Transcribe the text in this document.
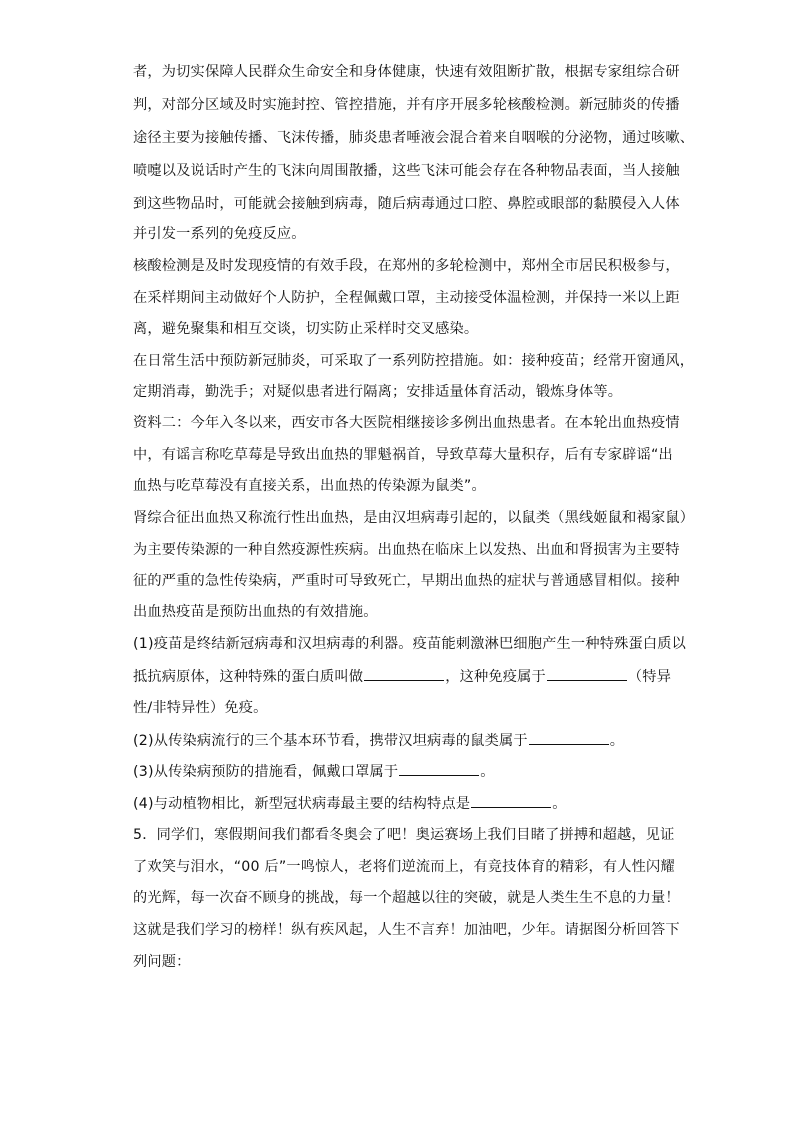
者，为切实保障人民群众生命安全和身体健康，快速有效阻断扩散，根据专家组综合研
判，对部分区域及时实施封控、管控措施，并有序开展多轮核酸检测。新冠肺炎的传播
途径主要为接触传播、飞沫传播，肺炎患者唾液会混合着来自咽喉的分泌物，通过咳嗽、
喷嚏以及说话时产生的飞沫向周围散播，这些飞沫可能会存在各种物品表面，当人接触
到这些物品时，可能就会接触到病毒，随后病毒通过口腔、鼻腔或眼部的黏膜侵入人体
并引发一系列的免疫反应。
核酸检测是及时发现疫情的有效手段，在郑州的多轮检测中，郑州全市居民积极参与，
在采样期间主动做好个人防护，全程佩戴口罩，主动接受体温检测，并保持一米以上距
离，避免聚集和相互交谈，切实防止采样时交叉感染。
在日常生活中预防新冠肺炎，可采取了一系列防控措施。如：接种疫苗；经常开窗通风，
定期消毒，勤洗手；对疑似患者进行隔离；安排适量体育活动，锻炼身体等。
资料二：今年入冬以来，西安市各大医院相继接诊多例出血热患者。在本轮出血热疫情
中，有谣言称吃草莓是导致出血热的罪魁祸首，导致草莓大量积存，后有专家辟谣“出
血热与吃草莓没有直接关系，出血热的传染源为鼠类”。
肾综合征出血热又称流行性出血热，是由汉坦病毒引起的，以鼠类（黑线姬鼠和褐家鼠）
为主要传染源的一种自然疫源性疾病。出血热在临床上以发热、出血和肾损害为主要特
征的严重的急性传染病，严重时可导致死亡，早期出血热的症状与普通感冒相似。接种
出血热疫苗是预防出血热的有效措施。
(1)疫苗是终结新冠病毒和汉坦病毒的利器。疫苗能刺激淋巴细胞产生一种特殊蛋白质以
抵抗病原体，这种特殊的蛋白质叫做	，这种免疫属于	（特异
性/非特异性）免疫。
(2)从传染病流行的三个基本环节看，携带汉坦病毒的鼠类属于	。
(3)从传染病预防的措施看，佩戴口罩属于	。
(4)与动植物相比，新型冠状病毒最主要的结构特点是	。
5．同学们，寒假期间我们都看冬奥会了吧！奥运赛场上我们目睹了拼搏和超越，见证
了欢笑与泪水，“00 后”一鸣惊人，老将们逆流而上，有竞技体育的精彩，有人性闪耀
的光辉，每一次奋不顾身的挑战，每一个超越以往的突破，就是人类生生不息的力量！
这就是我们学习的榜样！纵有疾风起，人生不言弃！加油吧，少年。请据图分析回答下
列问题：
